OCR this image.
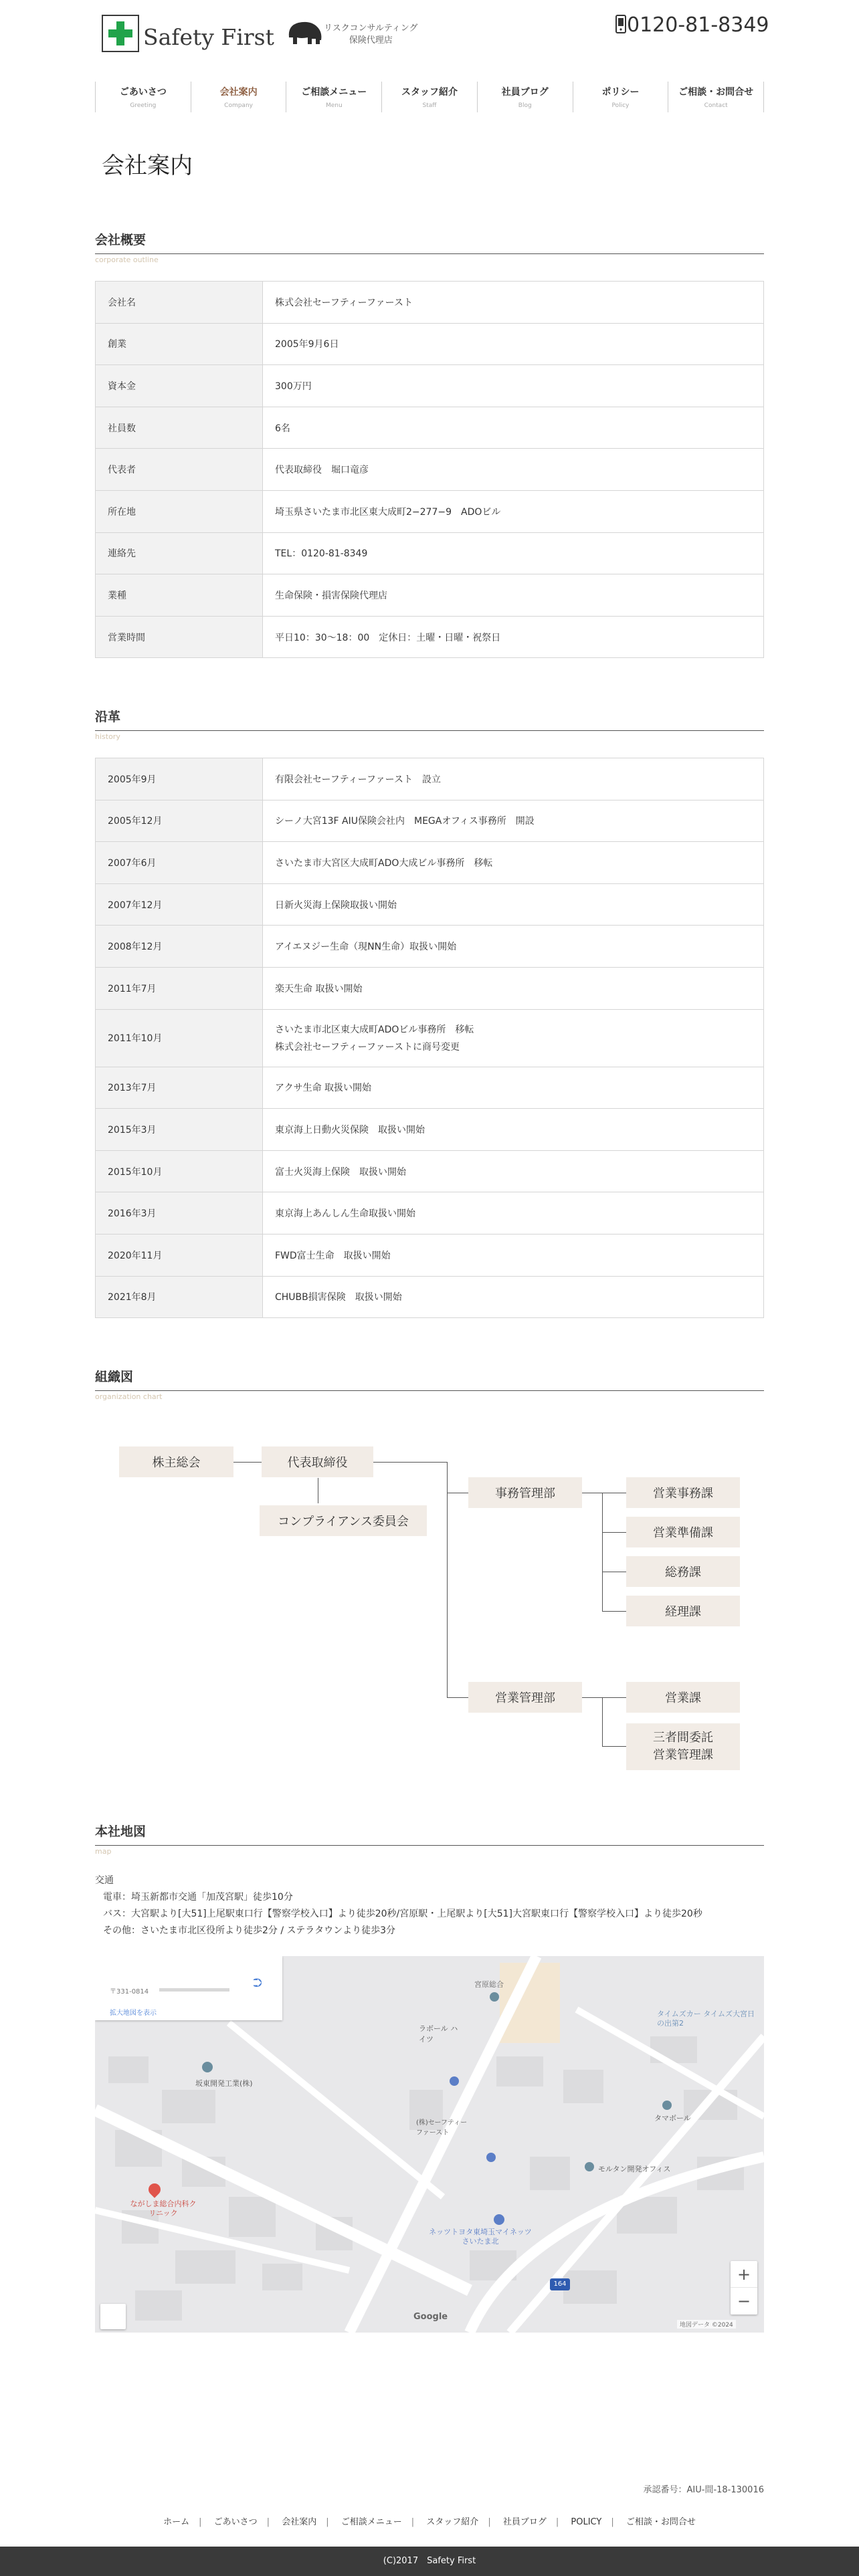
Safety First	リスクコンサルティング
保険代理店
0120-81-8349
ごあいさつ
Greeting
会社案内
Company
ご相談メニュー
Menu
スタッフ紹介
Staff
社員ブログ
Blog
ポリシー
Policy
ご相談・お問合せ
Contact
会社案内
会社概要
corporate outline
会社名	株式会社セーフティーファースト
創業	2005年9月6日
資本金	300万円
社員数	6名
代表者	代表取締役　堀口竜彦
所在地	埼玉県さいたま市北区東大成町2−277−9　ADOビル
連絡先	TEL：0120-81-8349
業種	生命保険・損害保険代理店
営業時間	平日10：30〜18：00　定休日：土曜・日曜・祝祭日
沿革
history
2005年9月	有限会社セーフティーファースト　設立
2005年12月	シーノ大宮13F AIU保険会社内　MEGAオフィス事務所　開設
2007年6月	さいたま市大宮区大成町ADO大成ビル事務所　移転
2007年12月	日新火災海上保険取扱い開始
2008年12月	アイエヌジー生命（現NN生命）取扱い開始
2011年7月	楽天生命 取扱い開始
2011年10月	さいたま市北区東大成町ADOビル事務所　移転
株式会社セーフティーファーストに商号変更

2013年7月	アクサ生命 取扱い開始
2015年3月	東京海上日動火災保険　取扱い開始
2015年10月	富士火災海上保険　取扱い開始
2016年3月	東京海上あんしん生命取扱い開始
2020年11月	FWD富士生命　取扱い開始
2021年8月	CHUBB損害保険　取扱い開始
組織図
organization chart
株主総会	代表取締役
コンプライアンス委員会
事務管理部	営業事務課
営業準備課
総務課
経理課
営業管理部	営業課
三者間委託
営業管理課
本社地図
map
交通
電車：埼玉新都市交通「加茂宮駅」徒歩10分
バス：大宮駅より[大51]上尾駅東口行【警察学校入口】より徒歩20秒/宮原駅・上尾駅より[大51]大宮駅東口行【警察学校入口】より徒歩20秒
その他：さいたま市北区役所より徒歩2分 / ステラタウンより徒歩3分
〒331-0814
拡大地図を表示
⮊	宮原総合
坂東開発工業(株)
ラボール ハイツ
(株)セーフティーファースト
タイムズカー タイムズ大宮日の出第2
タマボール
モルタン開発オフィス
ネッツトヨタ東埼玉マイネッツさいたま北
ながしま総合内科クリニック
164
Google
地図データ ©2024
+
−
承認番号：AIU-間-18-130016
ホーム | ごあいさつ | 会社案内 | ご相談メニュー | スタッフ紹介 | 社員ブログ | POLICY | ご相談・お問合せ
(C)2017　Safety First
